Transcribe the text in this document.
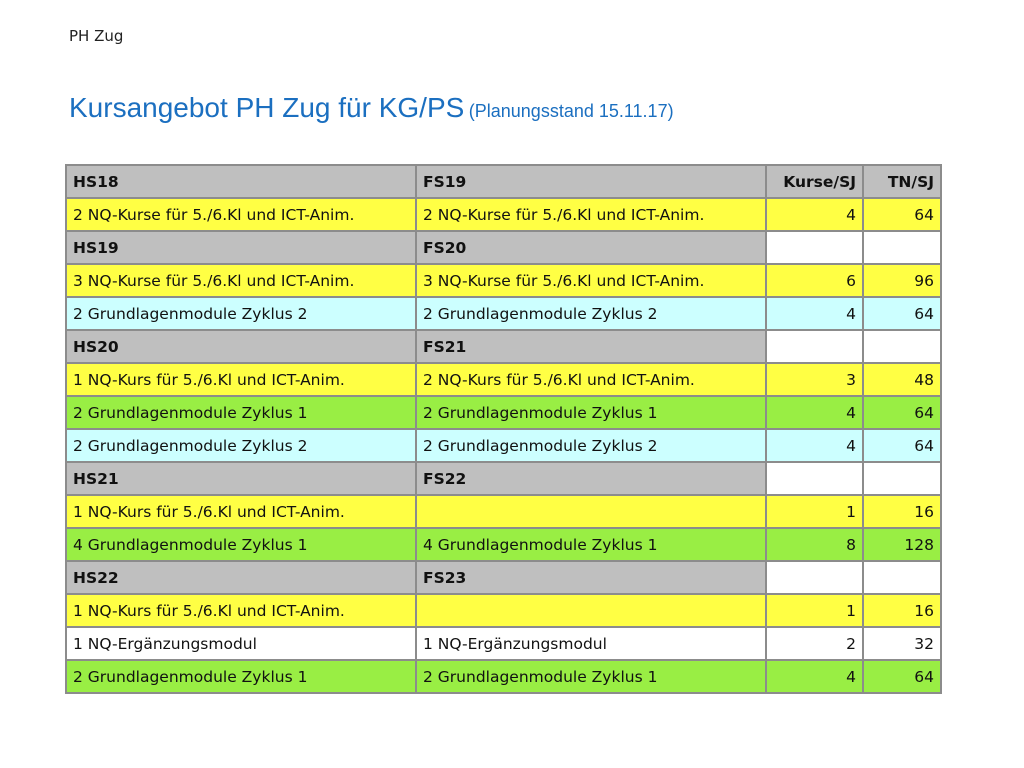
PH Zug
Kursangebot PH Zug für KG/PS (Planungsstand 15.11.17)
HS18	FS19	Kurse/SJ	TN/SJ
2 NQ-Kurse für 5./6.Kl und ICT-Anim.	2 NQ-Kurse für 5./6.Kl und ICT-Anim.	4	64
HS19	FS20		
3 NQ-Kurse für 5./6.Kl und ICT-Anim.	3 NQ-Kurse für 5./6.Kl und ICT-Anim.	6	96
2 Grundlagenmodule Zyklus 2	2 Grundlagenmodule Zyklus 2	4	64
HS20	FS21		
1 NQ-Kurs für 5./6.Kl und ICT-Anim.	2 NQ-Kurs für 5./6.Kl und ICT-Anim.	3	48
2 Grundlagenmodule Zyklus 1	2 Grundlagenmodule Zyklus 1	4	64
2 Grundlagenmodule Zyklus 2	2 Grundlagenmodule Zyklus 2	4	64
HS21	FS22		
1 NQ-Kurs für 5./6.Kl und ICT-Anim.		1	16
4 Grundlagenmodule Zyklus 1	4 Grundlagenmodule Zyklus 1	8	128
HS22	FS23		
1 NQ-Kurs für 5./6.Kl und ICT-Anim.		1	16
1 NQ-Ergänzungsmodul	1 NQ-Ergänzungsmodul	2	32
2 Grundlagenmodule Zyklus 1	2 Grundlagenmodule Zyklus 1	4	64
